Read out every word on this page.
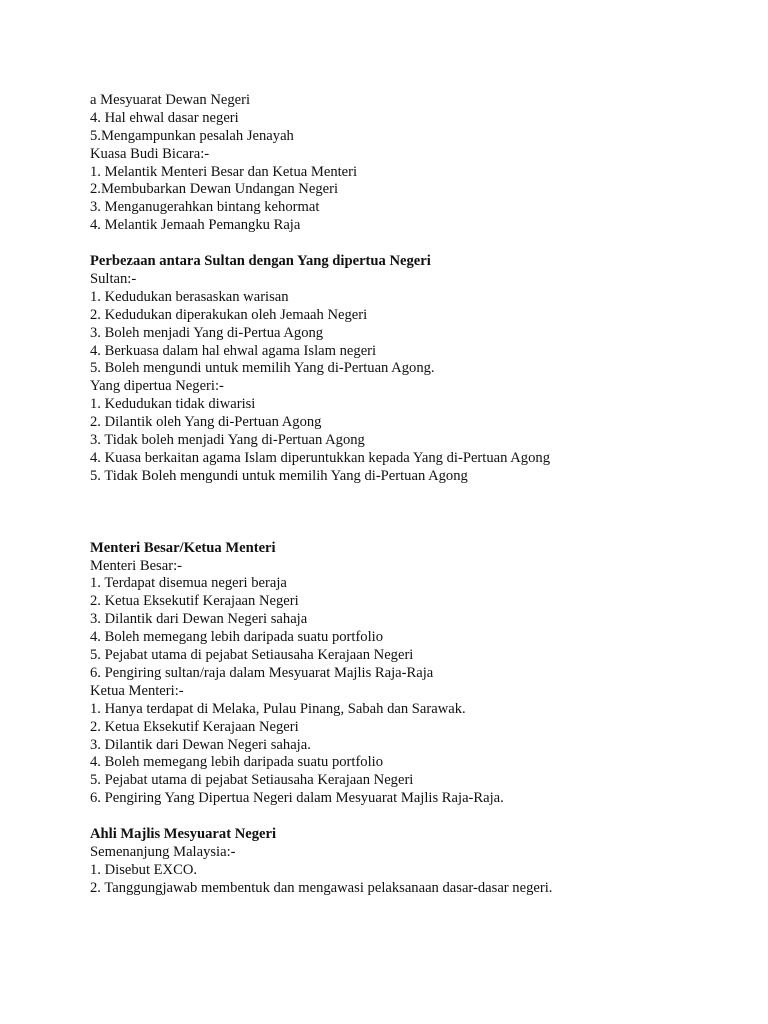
a Mesyuarat Dewan Negeri
4. Hal ehwal dasar negeri
5.Mengampunkan pesalah Jenayah
Kuasa Budi Bicara:-
1. Melantik Menteri Besar dan Ketua Menteri
2.Membubarkan Dewan Undangan Negeri
3. Menganugerahkan bintang kehormat
4. Melantik Jemaah Pemangku Raja
Perbezaan antara Sultan dengan Yang dipertua Negeri
Sultan:-
1. Kedudukan berasaskan warisan
2. Kedudukan diperakukan oleh Jemaah Negeri
3. Boleh menjadi Yang di-Pertua Agong
4. Berkuasa dalam hal ehwal agama Islam negeri
5. Boleh mengundi untuk memilih Yang di-Pertuan Agong.
Yang dipertua Negeri:-
1. Kedudukan tidak diwarisi
2. Dilantik oleh Yang di-Pertuan Agong
3. Tidak boleh menjadi Yang di-Pertuan Agong
4. Kuasa berkaitan agama Islam diperuntukkan kepada Yang di-Pertuan Agong
5. Tidak Boleh mengundi untuk memilih Yang di-Pertuan Agong
Menteri Besar/Ketua Menteri
Menteri Besar:-
1. Terdapat disemua negeri beraja
2. Ketua Eksekutif Kerajaan Negeri
3. Dilantik dari Dewan Negeri sahaja
4. Boleh memegang lebih daripada suatu portfolio
5. Pejabat utama di pejabat Setiausaha Kerajaan Negeri
6. Pengiring sultan/raja dalam Mesyuarat Majlis Raja-Raja
Ketua Menteri:-
1. Hanya terdapat di Melaka, Pulau Pinang, Sabah dan Sarawak.
2. Ketua Eksekutif Kerajaan Negeri
3. Dilantik dari Dewan Negeri sahaja.
4. Boleh memegang lebih daripada suatu portfolio
5. Pejabat utama di pejabat Setiausaha Kerajaan Negeri
6. Pengiring Yang Dipertua Negeri dalam Mesyuarat Majlis Raja-Raja.
Ahli Majlis Mesyuarat Negeri
Semenanjung Malaysia:-
1. Disebut EXCO.
2. Tanggungjawab membentuk dan mengawasi pelaksanaan dasar-dasar negeri.
